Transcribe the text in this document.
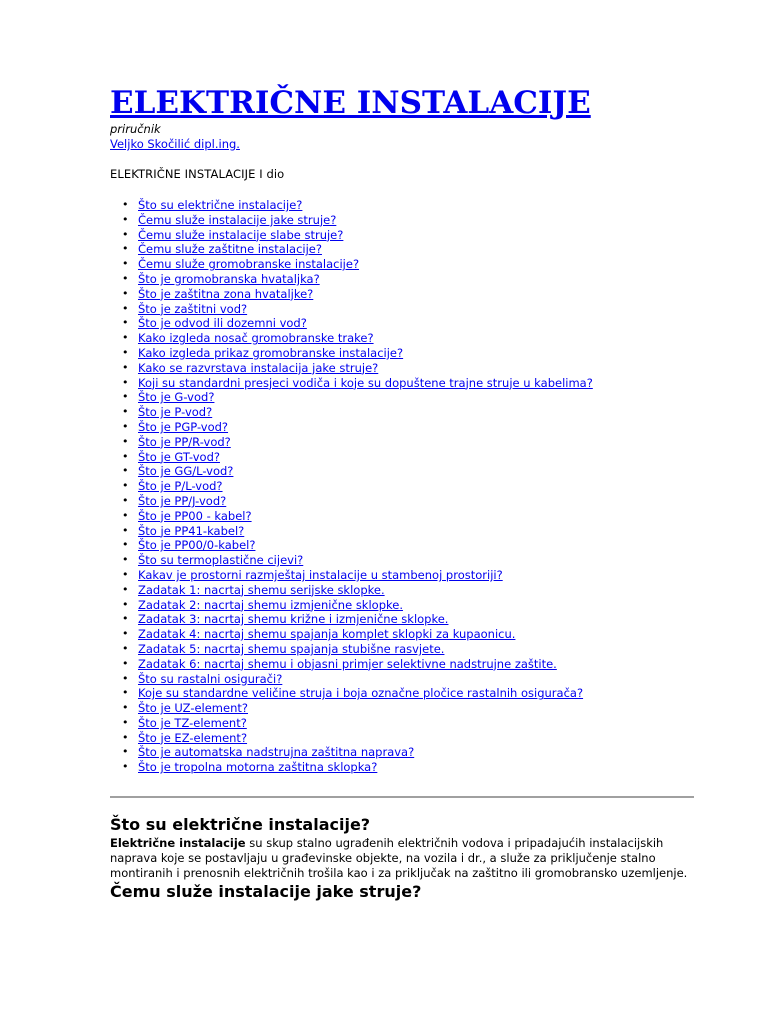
ELEKTRIČNE INSTALACIJE
priručnik
Veljko Skočilić dipl.ing.
ELEKTRIČNE INSTALACIJE I dio
• Što su električne instalacije?
• Čemu služe instalacije jake struje?
• Čemu služe instalacije slabe struje?
• Čemu služe zaštitne instalacije?
• Čemu služe gromobranske instalacije?
• Što je gromobranska hvataljka?
• Što je zaštitna zona hvataljke?
• Što je zaštitni vod?
• Što je odvod ili dozemni vod?
• Kako izgleda nosač gromobranske trake?
• Kako izgleda prikaz gromobranske instalacije?
• Kako se razvrstava instalacija jake struje?
• Koji su standardni presjeci vodiča i koje su dopuštene trajne struje u kabelima?
• Što je G-vod?
• Što je P-vod?
• Što je PGP-vod?
• Što je PP/R-vod?
• Što je GT-vod?
• Što je GG/L-vod?
• Što je P/L-vod?
• Što je PP/J-vod?
• Što je PP00 - kabel?
• Što je PP41-kabel?
• Što je PP00/0-kabel?
• Što su termoplastične cijevi?
• Kakav je prostorni razmještaj instalacije u stambenoj prostoriji?
• Zadatak 1: nacrtaj shemu serijske sklopke.
• Zadatak 2: nacrtaj shemu izmjenične sklopke.
• Zadatak 3: nacrtaj shemu križne i izmjenične sklopke.
• Zadatak 4: nacrtaj shemu spajanja komplet sklopki za kupaonicu.
• Zadatak 5: nacrtaj shemu spajanja stubišne rasvjete.
• Zadatak 6: nacrtaj shemu i objasni primjer selektivne nadstrujne zaštite.
• Što su rastalni osigurači?
• Koje su standardne veličine struja i boja označne pločice rastalnih osigurača?
• Što je UZ-element?
• Što je TZ-element?
• Što je EZ-element?
• Što je automatska nadstrujna zaštitna naprava?
• Što je tropolna motorna zaštitna sklopka?
Što su električne instalacije?

Električne instalacije su skup stalno ugrađenih električnih vodova i pripadajućih instalacijskih naprava koje se postavljaju u građevinske objekte, na vozila i dr., a služe za priključenje stalno montiranih i prenosnih električnih trošila kao i za priključak na zaštitno ili gromobransko uzemljenje.

Čemu služe instalacije jake struje?
